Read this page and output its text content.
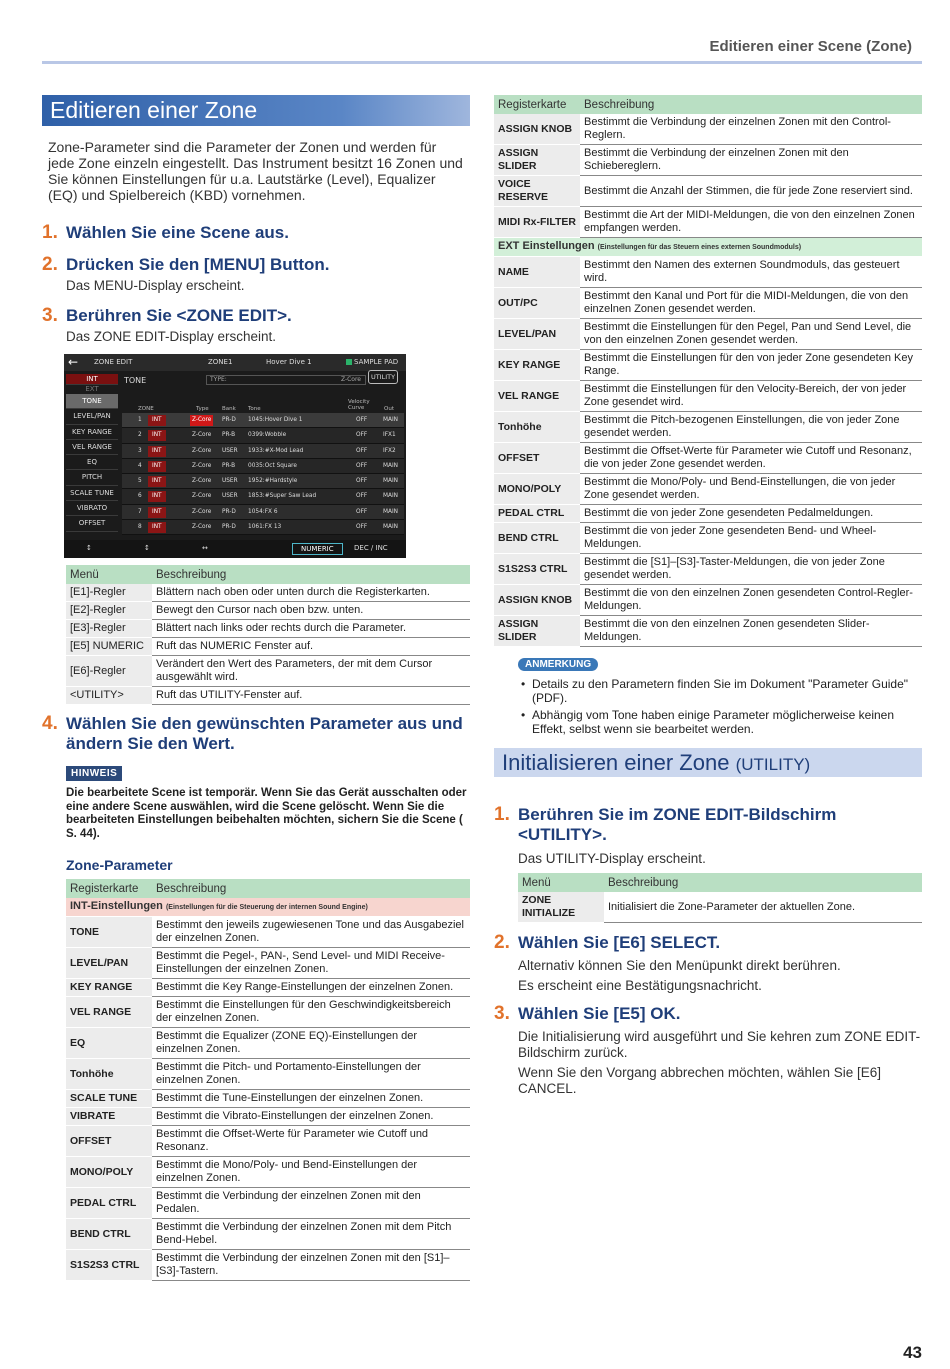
Editieren einer Scene (Zone)
Editieren einer Zone
Zone-Parameter sind die Parameter der Zonen und werden für jede Zone einzeln eingestellt. Das Instrument besitzt 16 Zonen und Sie können Einstellungen für u.a. Lautstärke (Level), Equalizer (EQ) und Spielbereich (KBD) vornehmen.
1. Wählen Sie eine Scene aus.
2. Drücken Sie den [MENU] Button.
Das MENU-Display erscheint.
3. Berühren Sie <ZONE EDIT>.
Das ZONE EDIT-Display erscheint.
←	ZONE EDIT	ZONE1	Hover Dive 1	SAMPLE PAD
INT
EXT
TONE
LEVEL/PAN
KEY RANGE
VEL RANGE
EQ
PITCH
SCALE TUNE
VIBRATO
OFFSET
TONE	TYPE:	Z-Core	UTILITY
ZONE	Type Bank Tone
Velocity Curve	Out
1	INT	Z-Core	PR-D 1045:Hover Dive 1	OFF	MAIN
2	INT	Z-Core PR-B 0399:Wobble	OFF	IFX1
3	INT	Z-Core USER 1933:#X-Mod Lead	OFF	IFX2
4	INT	Z-Core PR-B 0035:Oct Square	OFF	MAIN
5	INT	Z-Core USER 1952:#Hardstyle	OFF	MAIN
6	INT	Z-Core USER 1853:#Super Saw Lead	OFF	MAIN
7	INT	Z-Core PR-D 1054:FX 6	OFF	MAIN
8	INT	Z-Core PR-D 1061:FX 13	OFF	MAIN
↕	↕	↔	NUMERIC	DEC / INC
Menü	Beschreibung
[E1]-Regler	Blättern nach oben oder unten durch die Registerkarten.
[E2]-Regler	Bewegt den Cursor nach oben bzw. unten.
[E3]-Regler	Blättert nach links oder rechts durch die Parameter.
[E5] NUMERIC	Ruft das NUMERIC Fenster auf.
[E6]-Regler	Verändert den Wert des Parameters, der mit dem Cursor ausgewählt wird.
<UTILITY>	Ruft das UTILITY-Fenster auf.
4. Wählen Sie den gewünschten Parameter aus und ändern Sie den Wert.
HINWEIS
Die bearbeitete Scene ist temporär. Wenn Sie das Gerät ausschalten oder eine andere Scene auswählen, wird die Scene gelöscht. Wenn Sie die bearbeiteten Einstellungen beibehalten möchten, sichern Sie die Scene ( S. 44).
Zone-Parameter
Registerkarte	Beschreibung
INT-Einstellungen (Einstellungen für die Steuerung der internen Sound Engine)	
TONE	Bestimmt den jeweils zugewiesenen Tone und das Ausgabeziel der einzelnen Zonen.
LEVEL/PAN	Bestimmt die Pegel-, PAN-, Send Level- und MIDI Receive-Einstellungen der einzelnen Zonen.
KEY RANGE	Bestimmt die Key Range-Einstellungen der einzelnen Zonen.
VEL RANGE	Bestimmt die Einstellungen für den Geschwindigkeitsbereich der einzelnen Zonen.
EQ	Bestimmt die Equalizer (ZONE EQ)-Einstellungen der einzelnen Zonen.
Tonhöhe	Bestimmt die Pitch- und Portamento-Einstellungen der einzelnen Zonen.
SCALE TUNE	Bestimmt die Tune-Einstellungen der einzelnen Zonen.
VIBRATE	Bestimmt die Vibrato-Einstellungen der einzelnen Zonen.
OFFSET	Bestimmt die Offset-Werte für Parameter wie Cutoff und Resonanz.
MONO/POLY	Bestimmt die Mono/Poly- und Bend-Einstellungen der einzelnen Zonen.
PEDAL CTRL	Bestimmt die Verbindung der einzelnen Zonen mit den Pedalen.
BEND CTRL	Bestimmt die Verbindung der einzelnen Zonen mit dem Pitch Bend-Hebel.
S1S2S3 CTRL	Bestimmt die Verbindung der einzelnen Zonen mit den [S1]–[S3]-Tastern.
Registerkarte	Beschreibung
ASSIGN KNOB	Bestimmt die Verbindung der einzelnen Zonen mit den Control-Reglern.
ASSIGN SLIDER	Bestimmt die Verbindung der einzelnen Zonen mit den Schiebereglern.
VOICE RESERVE	Bestimmt die Anzahl der Stimmen, die für jede Zone reserviert sind.
MIDI Rx-FILTER	Bestimmt die Art der MIDI-Meldungen, die von den einzelnen Zonen empfangen werden.
EXT Einstellungen (Einstellungen für das Steuern eines externen Soundmoduls)	
NAME	Bestimmt den Namen des externen Soundmoduls, das gesteuert wird.
OUT/PC	Bestimmt den Kanal und Port für die MIDI-Meldungen, die von den einzelnen Zonen gesendet werden.
LEVEL/PAN	Bestimmt die Einstellungen für den Pegel, Pan und Send Level, die von den einzelnen Zonen gesendet werden.
KEY RANGE	Bestimmt die Einstellungen für den von jeder Zone gesendeten Key Range.
VEL RANGE	Bestimmt die Einstellungen für den Velocity-Bereich, der von jeder Zone gesendet wird.
Tonhöhe	Bestimmt die Pitch-bezogenen Einstellungen, die von jeder Zone gesendet werden.
OFFSET	Bestimmt die Offset-Werte für Parameter wie Cutoff und Resonanz, die von jeder Zone gesendet werden.
MONO/POLY	Bestimmt die Mono/Poly- und Bend-Einstellungen, die von jeder Zone gesendet werden.
PEDAL CTRL	Bestimmt die von jeder Zone gesendeten Pedalmeldungen.
BEND CTRL	Bestimmt die von jeder Zone gesendeten Bend- und Wheel-Meldungen.
S1S2S3 CTRL	Bestimmt die [S1]–[S3]-Taster-Meldungen, die von jeder Zone gesendet werden.
ASSIGN KNOB	Bestimmt die von den einzelnen Zonen gesendeten Control-Regler-Meldungen.
ASSIGN SLIDER	Bestimmt die von den einzelnen Zonen gesendeten Slider-Meldungen.
ANMERKUNG
• Details zu den Parametern finden Sie im Dokument "Parameter Guide" (PDF).
• Abhängig vom Tone haben einige Parameter möglicherweise keinen Effekt, selbst wenn sie bearbeitet werden.
Initialisieren einer Zone (UTILITY)
1. Berühren Sie im ZONE EDIT-Bildschirm <UTILITY>.
Das UTILITY-Display erscheint.
Menü	Beschreibung
ZONE INITIALIZE	Initialisiert die Zone-Parameter der aktuellen Zone.
2. Wählen Sie [E6] SELECT.
Alternativ können Sie den Menüpunkt direkt berühren.
Es erscheint eine Bestätigungsnachricht.
3. Wählen Sie [E5] OK.
Die Initialisierung wird ausgeführt und Sie kehren zum ZONE EDIT-Bildschirm zurück.
Wenn Sie den Vorgang abbrechen möchten, wählen Sie [E6] CANCEL.
43
